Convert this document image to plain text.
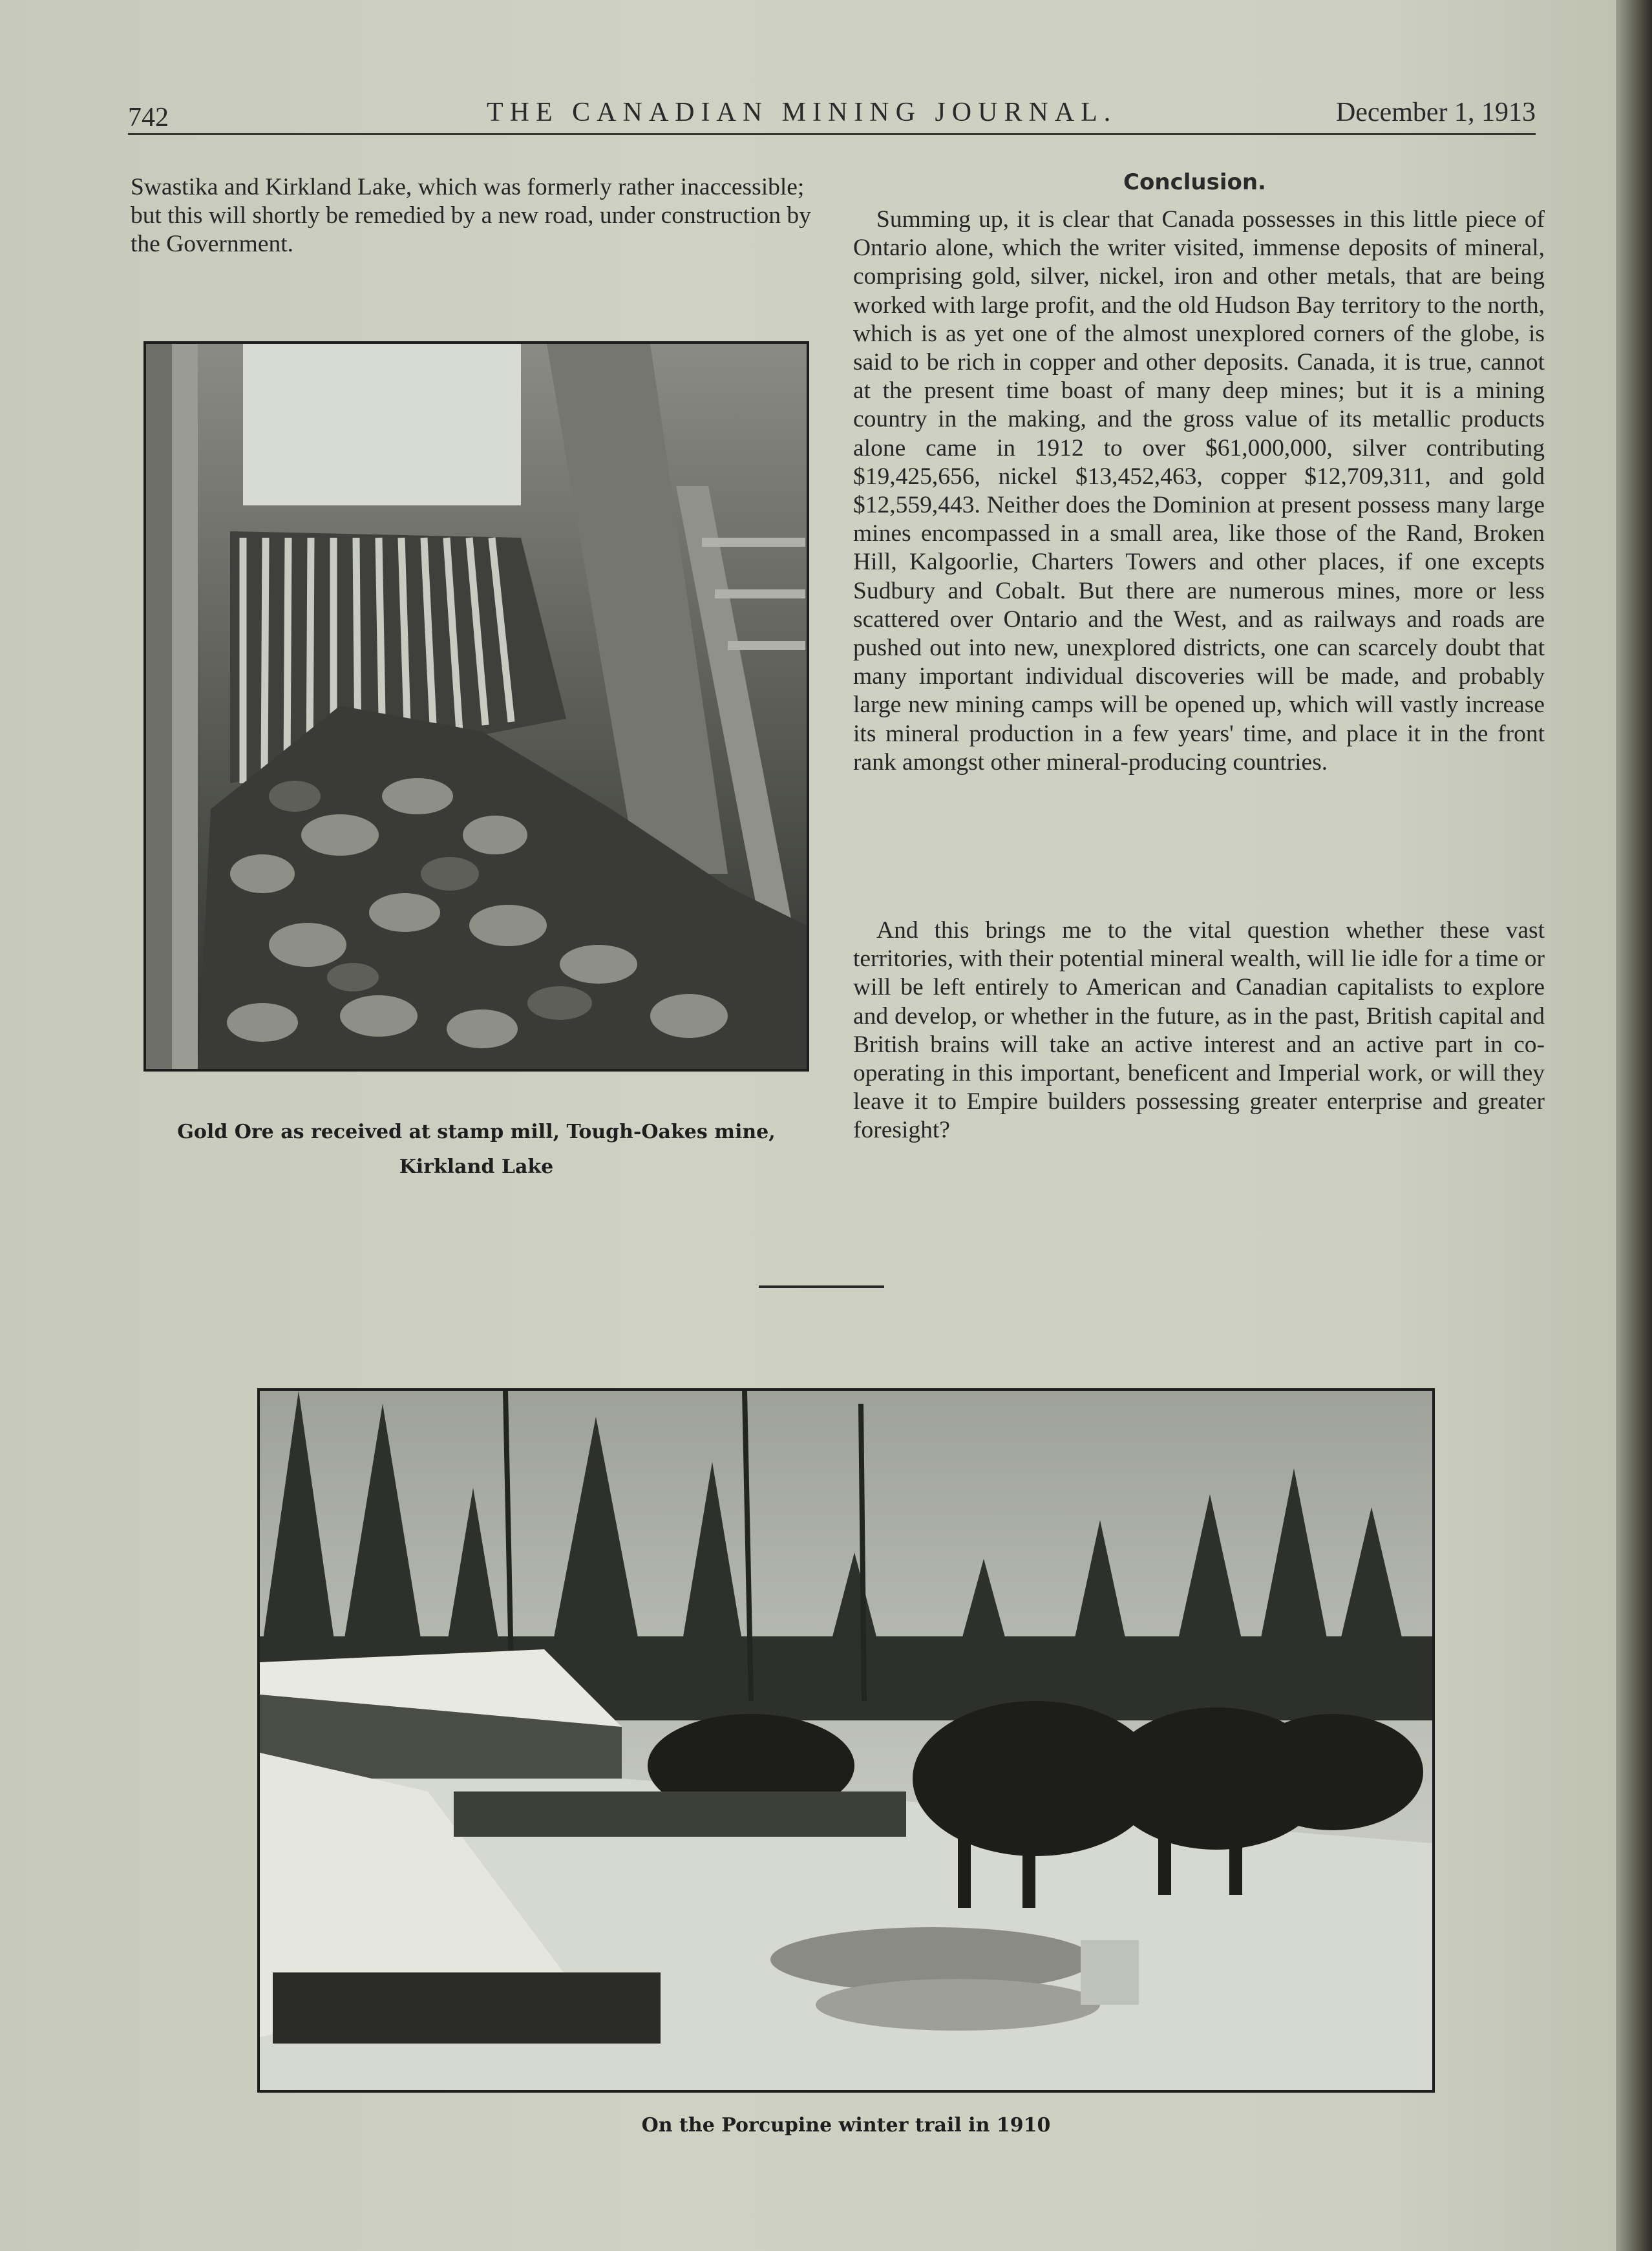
742	THE CANADIAN MINING JOURNAL.	December 1, 1913

Swastika and Kirkland Lake, which was formerly rather inaccessible; but this will shortly be remedied by a new road, under construction by the Government.

Gold Ore as received at stamp mill, Tough-Oakes mine,
Kirkland Lake

Conclusion.

Summing up, it is clear that Canada possesses in this little piece of Ontario alone, which the writer visited, immense deposits of mineral, comprising gold, silver, nickel, iron and other metals, that are being worked with large profit, and the old Hudson Bay territory to the north, which is as yet one of the almost unexplored corners of the globe, is said to be rich in copper and other deposits. Canada, it is true, cannot at the present time boast of many deep mines; but it is a mining country in the making, and the gross value of its metallic products alone came in 1912 to over $61,000,000, silver contributing $19,425,656, nickel $13,452,463, copper $12,709,311, and gold $12,559,443. Neither does the Dominion at present possess many large mines encompassed in a small area, like those of the Rand, Broken Hill, Kalgoorlie, Charters Towers and other places, if one excepts Sudbury and Cobalt. But there are numerous mines, more or less scattered over Ontario and the West, and as railways and roads are pushed out into new, unexplored districts, one can scarcely doubt that many important individual discoveries will be made, and probably large new mining camps will be opened up, which will vastly increase its mineral production in a few years' time, and place it in the front rank amongst other mineral-producing countries.

And this brings me to the vital question whether these vast territories, with their potential mineral wealth, will lie idle for a time or will be left entirely to American and Canadian capitalists to explore and develop, or whether in the future, as in the past, British capital and British brains will take an active interest and an active part in co-operating in this important, beneficent and Imperial work, or will they leave it to Empire builders possessing greater enterprise and greater foresight?

On the Porcupine winter trail in 1910
